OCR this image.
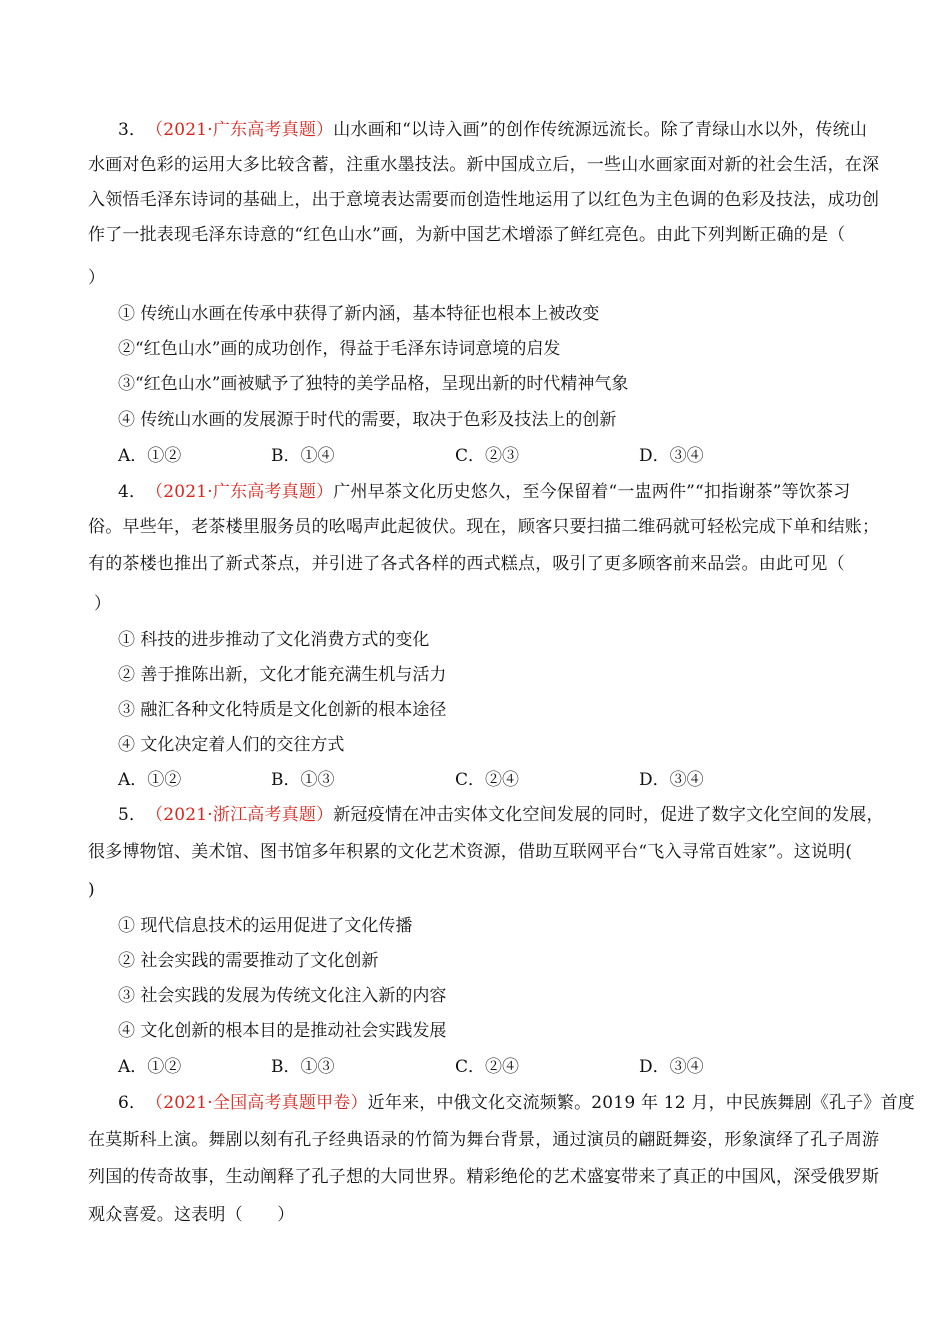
3．（2021·广东高考真题）山水画和“以诗入画”的创作传统源远流长。除了青绿山水以外，传统山
水画对色彩的运用大多比较含蓄，注重水墨技法。新中国成立后，一些山水画家面对新的社会生活，在深
入领悟毛泽东诗词的基础上，出于意境表达需要而创造性地运用了以红色为主色调的色彩及技法，成功创
作了一批表现毛泽东诗意的“红色山水”画，为新中国艺术增添了鲜红亮色。由此下列判断正确的是（
）
① 传统山水画在传承中获得了新内涵，基本特征也根本上被改变
②“红色山水”画的成功创作，得益于毛泽东诗词意境的启发
③“红色山水”画被赋予了独特的美学品格，呈现出新的时代精神气象
④ 传统山水画的发展源于时代的需要，取决于色彩及技法上的创新
A．①②	B．①④	C．②③	D．③④
4．（2021·广东高考真题）广州早茶文化历史悠久，至今保留着“一盅两件”“扣指谢茶”等饮茶习
俗。早些年，老茶楼里服务员的吆喝声此起彼伏。现在，顾客只要扫描二维码就可轻松完成下单和结账；
有的茶楼也推出了新式茶点，并引进了各式各样的西式糕点，吸引了更多顾客前来品尝。由此可见（
）
① 科技的进步推动了文化消费方式的变化
② 善于推陈出新，文化才能充满生机与活力
③ 融汇各种文化特质是文化创新的根本途径
④ 文化决定着人们的交往方式
A．①②	B．①③	C．②④	D．③④
5．（2021·浙江高考真题）新冠疫情在冲击实体文化空间发展的同时，促进了数字文化空间的发展，
很多博物馆、美术馆、图书馆多年积累的文化艺术资源，借助互联网平台“飞入寻常百姓家”。这说明(
)
① 现代信息技术的运用促进了文化传播
② 社会实践的需要推动了文化创新
③ 社会实践的发展为传统文化注入新的内容
④ 文化创新的根本目的是推动社会实践发展
A．①②	B．①③	C．②④	D．③④
6．（2021·全国高考真题甲卷）近年来，中俄文化交流频繁。2019 年 12 月，中民族舞剧《孔子》首度
在莫斯科上演。舞剧以刻有孔子经典语录的竹简为舞台背景，通过演员的翩跹舞姿，形象演绎了孔子周游
列国的传奇故事，生动阐释了孔子想的大同世界。精彩绝伦的艺术盛宴带来了真正的中国风，深受俄罗斯
观众喜爱。这表明（　　）
